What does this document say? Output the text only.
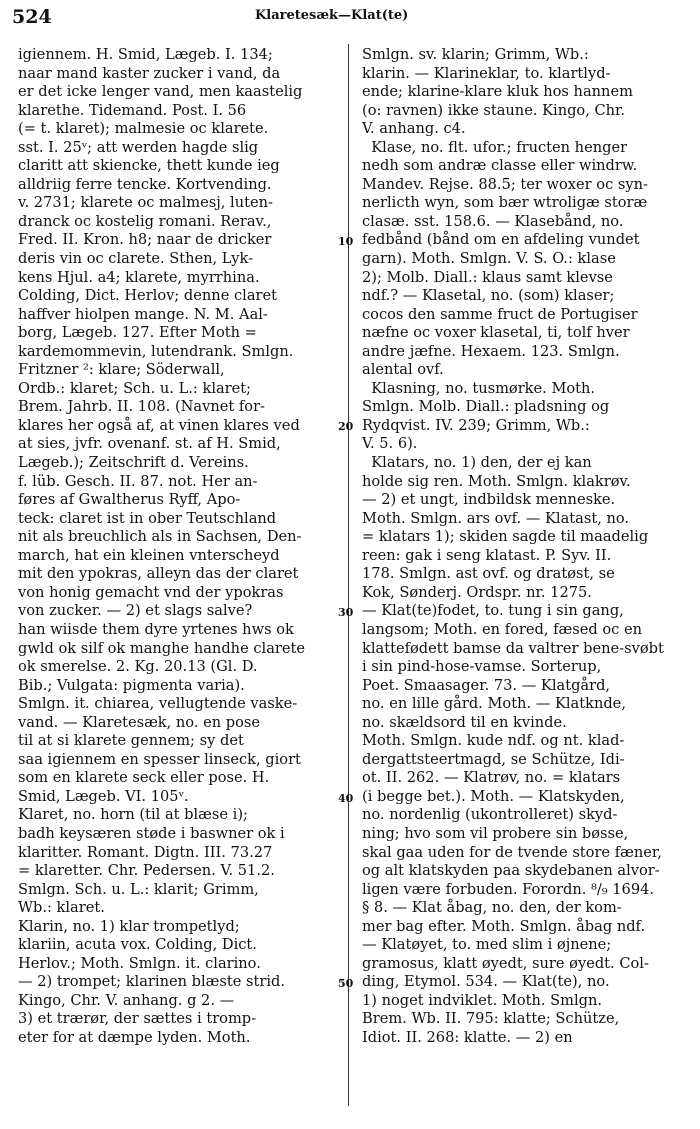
524	Klaretesæk—Klat(te)
10
20
30
40
50
igiennem. H. Smid, Lægeb. I. 134;
naar mand kaster zucker i vand, da
er det icke lenger vand, men kaastelig
klarethe. Tidemand. Post. I. 56
(= t. klaret); malmesie oc klarete.
sst. I. 25ᵛ; att werden hagde slig
claritt att skiencke, thett kunde ieg
alldriig ferre tencke. Kortvending.
v. 2731; klarete oc malmesj, luten-
dranck oc kostelig romani. Rerav.,
Fred. II. Kron. h8; naar de dricker
deris vin oc clarete. Sthen, Lyk-
kens Hjul. a4; klarete, myrrhina.
Colding, Dict. Herlov; denne claret
haffver hiolpen mange. N. M. Aal-
borg, Lægeb. 127. Efter Moth =
kardemommevin, lutendrank. Smlgn.
Fritzner ²: klare; Söderwall,
Ordb.: klaret; Sch. u. L.: klaret;
Brem. Jahrb. II. 108. (Navnet for-
klares her også af, at vinen klares ved
at sies, jvfr. ovenanf. st. af H. Smid,
Lægeb.); Zeitschrift d. Vereins.
f. lüb. Gesch. II. 87. not. Her an-
føres af Gwaltherus Ryff, Apo-
teck: claret ist in ober Teutschland
nit als breuchlich als in Sachsen, Den-
march, hat ein kleinen vnterscheyd
mit den ypokras, alleyn das der claret
von honig gemacht vnd der ypokras
von zucker. — 2) et slags salve?
han wiisde them dyre yrtenes hws ok
gwld ok silf ok manghe handhe clarete
ok smerelse. 2. Kg. 20.13 (Gl. D.
Bib.; Vulgata: pigmenta varia).
Smlgn. it. chiarea, vellugtende vaske-
vand. — Klaretesæk, no. en pose
til at si klarete gennem; sy det
saa igiennem en spesser linseck, giort
som en klarete seck eller pose. H.
Smid, Lægeb. VI. 105ᵛ.
Klaret, no. horn (til at blæse i);
badh keysæren støde i baswner ok i
klaritter. Romant. Digtn. III. 73.27
= klaretter. Chr. Pedersen. V. 51.2.
Smlgn. Sch. u. L.: klarit; Grimm,
Wb.: klaret.
Klarin, no. 1) klar trompetlyd;
klariin, acuta vox. Colding, Dict.
Herlov.; Moth. Smlgn. it. clarino.
— 2) trompet; klarinen blæste strid.
Kingo, Chr. V. anhang. g 2. —
3) et trærør, der sættes i tromp-
eter for at dæmpe lyden. Moth.
Smlgn. sv. klarin; Grimm, Wb.:
klarin. — Klarineklar, to. klartlyd-
ende; klarine-klare kluk hos hannem
(o: ravnen) ikke staune. Kingo, Chr.
V. anhang. c4.
Klase, no. flt. ufor.; fructen henger
nedh som andræ classe eller windrw.
Mandev. Rejse. 88.5; ter woxer oc syn-
nerlicth wyn, som bær wtroligæ storæ
clasæ. sst. 158.6. — Klasebånd, no.
fedbånd (bånd om en afdeling vundet
garn). Moth. Smlgn. V. S. O.: klase
2); Molb. Diall.: klaus samt klevse
ndf.? — Klasetal, no. (som) klaser;
cocos den samme fruct de Portugiser
næfne oc voxer klasetal, ti, tolf hver
andre jæfne. Hexaem. 123. Smlgn.
alental ovf.
Klasning, no. tusmørke. Moth.
Smlgn. Molb. Diall.: pladsning og
Rydqvist. IV. 239; Grimm, Wb.:
V. 5. 6).
Klatars, no. 1) den, der ej kan
holde sig ren. Moth. Smlgn. klakrøv.
— 2) et ungt, indbildsk menneske.
Moth. Smlgn. ars ovf. — Klatast, no.
= klatars 1); skiden sagde til maadelig
reen: gak i seng klatast. P. Syv. II.
178. Smlgn. ast ovf. og dratøst, se
Kok, Sønderj. Ordspr. nr. 1275.
— Klat(te)fodet, to. tung i sin gang,
langsom; Moth. en fored, fæsed oc en
klattefødett bamse da valtrer bene-svøbt
i sin pind-hose-vamse. Sorterup,
Poet. Smaasager. 73. — Klatgård,
no. en lille gård. Moth. — Klatknde,
no. skældsord til en kvinde.
Moth. Smlgn. kude ndf. og nt. klad-
dergattsteertmagd, se Schütze, Idi-
ot. II. 262. — Klatrøv, no. = klatars
(i begge bet.). Moth. — Klatskyden,
no. nordenlig (ukontrolleret) skyd-
ning; hvo som vil probere sin bøsse,
skal gaa uden for de tvende store fæner,
og alt klatskyden paa skydebanen alvor-
ligen være forbuden. Forordn. ⁸/₉ 1694.
§ 8. — Klat åbag, no. den, der kom-
mer bag efter. Moth. Smlgn. åbag ndf.
— Klatøyet, to. med slim i øjnene;
gramosus, klatt øyedt, sure øyedt. Col-
ding, Etymol. 534. — Klat(te), no.
1) noget indviklet. Moth. Smlgn.
Brem. Wb. II. 795: klatte; Schütze,
Idiot. II. 268: klatte. — 2) en
